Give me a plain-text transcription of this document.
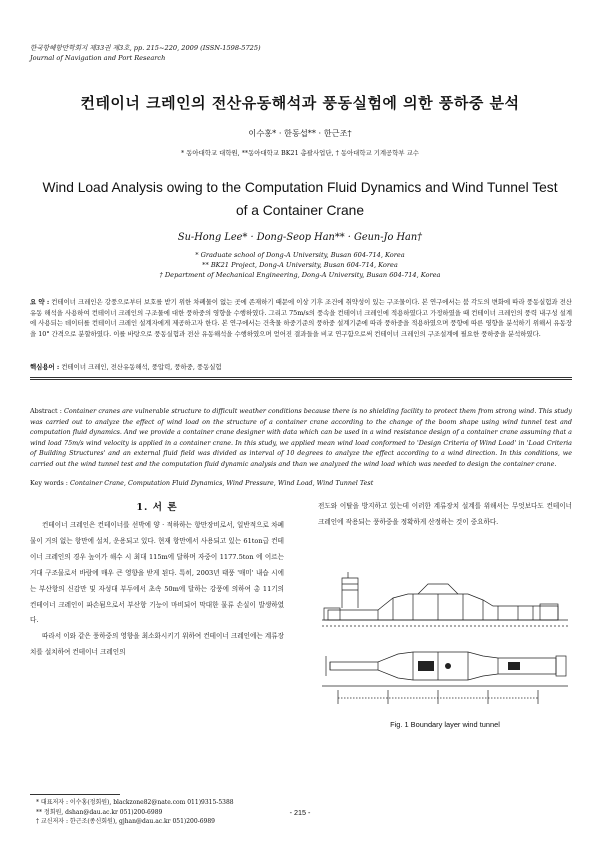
한국항해항만학회지 제33권 제3호, pp. 215~220, 2009 (ISSN-1598-5725)
Journal of Navigation and Port Research
컨테이너 크레인의 전산유동해석과 풍동실험에 의한 풍하중 분석
이수홍* · 한동섭** · 한근조†
* 동아대학교 대학원, **동아대학교 BK21 총괄사업단, † 동아대학교 기계공학부 교수
Wind Load Analysis owing to the Computation Fluid Dynamics and Wind Tunnel Test of a Container Crane
Su-Hong Lee* · Dong-Seop Han** · Geun-Jo Han†
* Graduate school of Dong-A University, Busan 604-714, Korea
** BK21 Project, Dong-A University, Busan 604-714, Korea
† Department of Mechanical Engineering, Dong-A University, Busan 604-714, Korea
요 약 : 컨테이너 크레인은 강풍으로부터 보호를 받기 위한 차폐물이 없는 곳에 존재하기 때문에 이상 기후 조건에 취약성이 있는 구조물이다. 본 연구에서는 붐 각도의 변화에 따라 풍동실험과 전산유동 해석을 사용하여 컨테이너 크레인의 구조물에 대한 풍하중의 영향을 수행하였다. 그리고 75m/s의 풍속을 컨테이너 크레인에 적용하였다고 가정하였을 때 컨테이너 크레인의 풍력 내구성 설계에 사용되는 데이터를 컨테이너 크레인 설계자에게 제공하고자 한다. 본 연구에서는 건축물 하중기준의 풍하중 설계기준에 따라 풍하중을 적용하였으며 풍향에 따른 영향을 분석하기 위해서 유동장을 10° 간격으로 분할하였다. 이를 바탕으로 풍동실험과 전산 유동해석을 수행하였으며 얻어진 결과들을 비교 연구함으로써 컨테이너 크레인의 구조설계에 필요한 풍하중을 분석하였다.
핵심용어 : 컨테이너 크레인, 전산유동해석, 풍압력, 풍하중, 풍동실험
Abstract : Container cranes are vulnerable structure to difficult weather conditions because there is no shielding facility to protect them from strong wind. This study was carried out to analyze the effect of wind load on the structure of a container crane according to the change of the boom shape using wind tunnel test and computation fluid dynamics. And we provide a container crane designer with data which can be used in a wind resistance design of a container crane assuming that a wind load 75m/s wind velocity is applied in a container crane. In this study, we applied mean wind load conformed to 'Design Criteria of Wind Load' in 'Load Criteria of Building Structures' and an external fluid field was divided as interval of 10 degrees to analyze the effect according to a wind direction. In this conditions, we carried out the wind tunnel test and the computation fluid dynamic analysis and than we analyzed the wind load which was needed to design the container crane.
Key words : Container Crane, Computation Fluid Dynamics, Wind Pressure, Wind Load, Wind Tunnel Test
1. 서 론
컨테이너 크레인은 컨테이너를 선박에 양 · 적하하는 항만장비로서, 일반적으로 차폐물이 거의 없는 항만에 설치, 운용되고 있다. 현재 항만에서 사용되고 있는 61ton급 컨테이너 크레인의 경우 높이가 해수 시 최대 115m에 달하며 자중이 1177.5ton 에 이르는 거대 구조물로서 바람에 매우 큰 영향을 받게 된다. 특히, 2003년 태풍 '매미' 내습 시에는 부산항의 신감만 및 자성대 부두에서 초속 50m에 달하는 강풍에 의하여 총 11기의 컨테이너 크레인이 파손됨으로서 부산항 기능이 마비되어 막대한 물류 손실이 발생하였다.
따라서 이와 같은 풍하중의 영향을 최소화시키기 위하여 컨테이너 크레인에는 계류장치를 설치하여 컨테이너 크레인의
전도와 이탈을 방지하고 있는데 이러한 계류장치 설계를 위해서는 무엇보다도 컨테이너 크레인에 작용되는 풍하중을 정확하게 산정하는 것이 중요하다.
Fig. 1 Boundary layer wind tunnel
* 대표저자 : 이수홍(정회원), blackzone82@nate.com 011)9315-5388
** 정회원, dshan@dau.ac.kr 051)200-6989
† 교신저자 : 한근조(종신회원), gjhan@dau.ac.kr 051)200-6989
- 215 -
